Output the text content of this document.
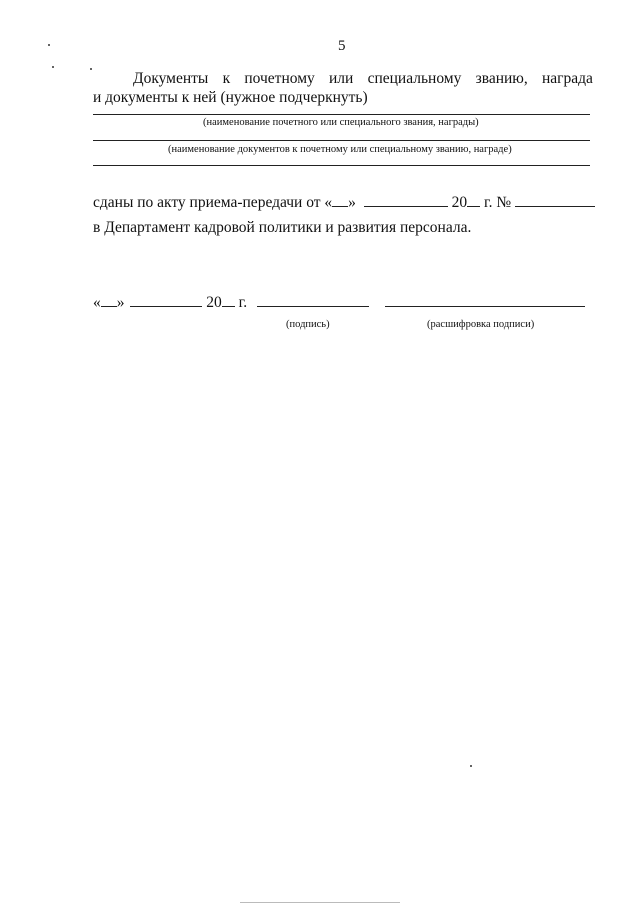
5
Документы к почетному или специальному званию, награда
и документы к ней (нужное подчеркнуть)
(наименование почетного или специального звания, награды)
(наименование документов к почетному или специальному званию, награде)
сданы по акту приема-передачи от « »	20 г. №
в Департамент кадровой политики и развития персонала.
« »	20 г.
(подпись)	(расшифровка подписи)
